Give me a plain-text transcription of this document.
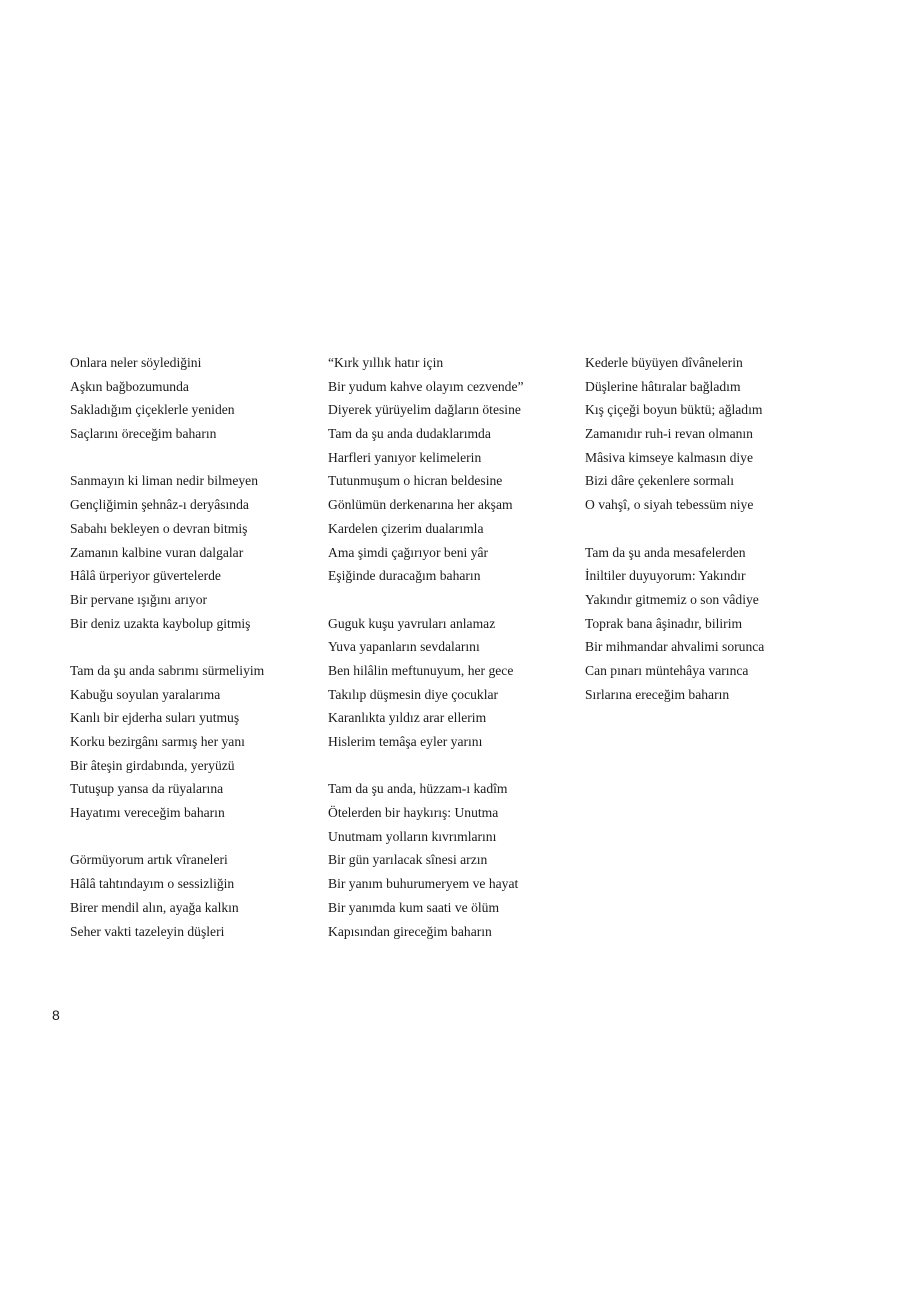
Onlara neler söylediğini
Aşkın bağbozumunda
Sakladığım çiçeklerle yeniden
Saçlarını öreceğim baharın
Sanmayın ki liman nedir bilmeyen
Gençliğimin şehnâz-ı deryâsında
Sabahı bekleyen o devran bitmiş
Zamanın kalbine vuran dalgalar
Hâlâ ürperiyor güvertelerde
Bir pervane ışığını arıyor
Bir deniz uzakta kaybolup gitmiş
Tam da şu anda sabrımı sürmeliyim
Kabuğu soyulan yaralarıma
Kanlı bir ejderha suları yutmuş
Korku bezirgânı sarmış her yanı
Bir âteşin girdabında, yeryüzü
Tutuşup yansa da rüyalarına
Hayatımı vereceğim baharın
Görmüyorum artık vîraneleri
Hâlâ tahtındayım o sessizliğin
Birer mendil alın, ayağa kalkın
Seher vakti tazeleyin düşleri
“Kırk yıllık hatır için
Bir yudum kahve olayım cezvende”
Diyerek yürüyelim dağların ötesine
Tam da şu anda dudaklarımda
Harfleri yanıyor kelimelerin
Tutunmuşum o hicran beldesine
Gönlümün derkenarına her akşam
Kardelen çizerim dualarımla
Ama şimdi çağırıyor beni yâr
Eşiğinde duracağım baharın
Guguk kuşu yavruları anlamaz
Yuva yapanların sevdalarını
Ben hilâlin meftunuyum, her gece
Takılıp düşmesin diye çocuklar
Karanlıkta yıldız arar ellerim
Hislerim temâşa eyler yarını
Tam da şu anda, hüzzam-ı kadîm
Ötelerden bir haykırış: Unutma
Unutmam yolların kıvrımlarını
Bir gün yarılacak sînesi arzın
Bir yanım buhurumeryem ve hayat
Bir yanımda kum saati ve ölüm
Kapısından gireceğim baharın
Kederle büyüyen dîvânelerin
Düşlerine hâtıralar bağladım
Kış çiçeği boyun büktü; ağladım
Zamanıdır ruh-i revan olmanın
Mâsiva kimseye kalmasın diye
Bizi dâre çekenlere sormalı
O vahşî, o siyah tebessüm niye
Tam da şu anda mesafelerden
İniltiler duyuyorum: Yakındır
Yakındır gitmemiz o son vâdiye
Toprak bana âşinadır, bilirim
Bir mihmandar ahvalimi sorunca
Can pınarı müntehâya varınca
Sırlarına ereceğim baharın
8
